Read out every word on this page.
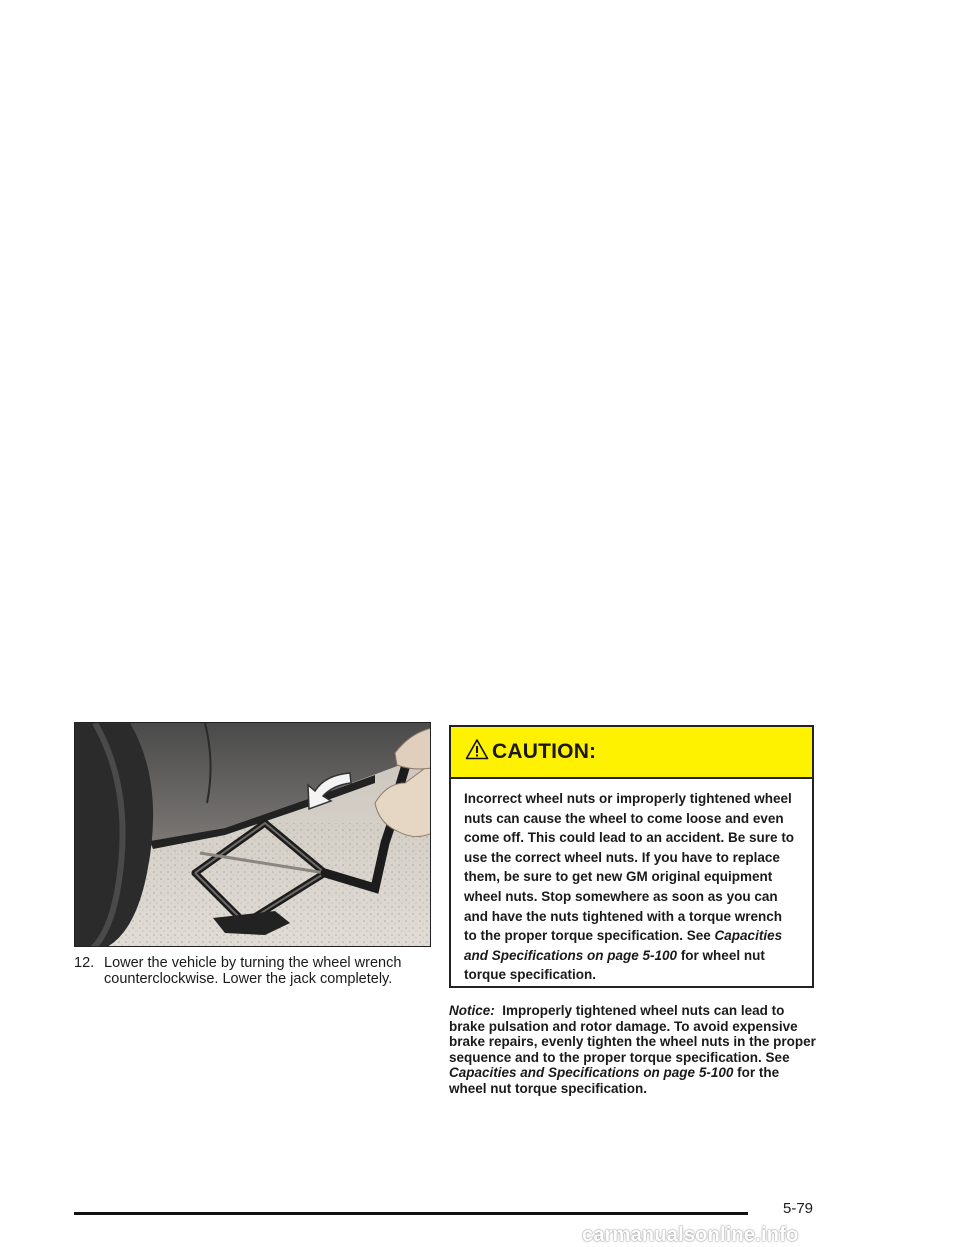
12. Lower the vehicle by turning the wheel wrench
counterclockwise. Lower the jack completely.
CAUTION:
Incorrect wheel nuts or improperly tightened wheel nuts can cause the wheel to come loose and even come off. This could lead to an accident. Be sure to use the correct wheel nuts. If you have to replace them, be sure to get new GM original equipment wheel nuts. Stop somewhere as soon as you can and have the nuts tightened with a torque wrench to the proper torque specification. See Capacities and Specifications on page 5-100 for wheel nut torque specification.
Notice: Improperly tightened wheel nuts can lead to brake pulsation and rotor damage. To avoid expensive brake repairs, evenly tighten the wheel nuts in the proper sequence and to the proper torque specification. See Capacities and Specifications on page 5-100 for the wheel nut torque specification.
5-79
carmanualsonline.info
